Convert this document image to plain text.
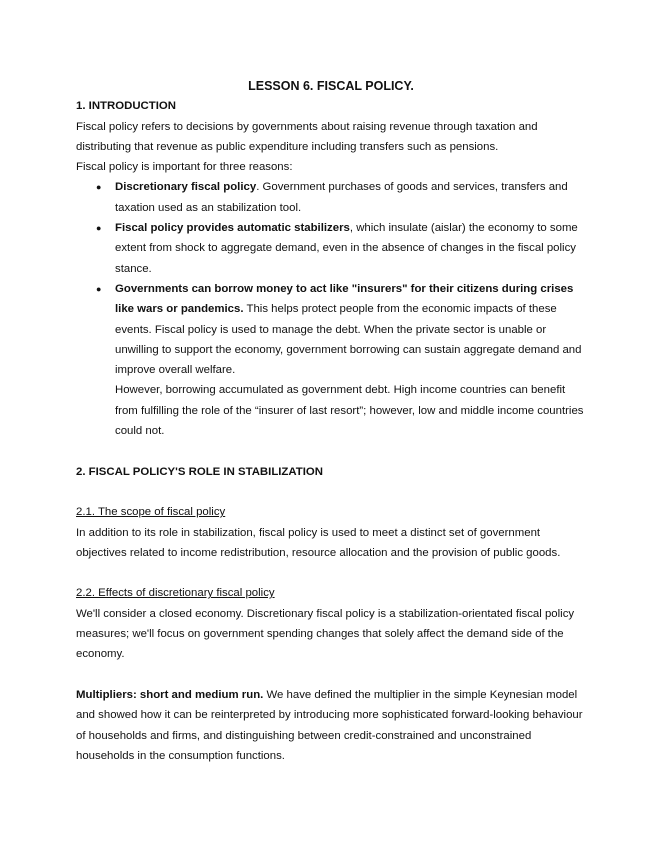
LESSON 6. FISCAL POLICY.

1. INTRODUCTION

Fiscal policy refers to decisions by governments about raising revenue through taxation and distributing that revenue as public expenditure including transfers such as pensions.

Fiscal policy is important for three reasons:

● Discretionary fiscal policy. Government purchases of goods and services, transfers and taxation used as an stabilization tool.
● Fiscal policy provides automatic stabilizers, which insulate (aislar) the economy to some extent from shock to aggregate demand, even in the absence of changes in the fiscal policy stance.
● Governments can borrow money to act like "insurers" for their citizens during crises like wars or pandemics. This helps protect people from the economic impacts of these events. Fiscal policy is used to manage the debt. When the private sector is unable or unwilling to support the economy, government borrowing can sustain aggregate demand and improve overall welfare.
However, borrowing accumulated as government debt. High income countries can benefit from fulfilling the role of the “insurer of last resort”; however, low and middle income countries could not.

2. FISCAL POLICY'S ROLE IN STABILIZATION

2.1. The scope of fiscal policy

In addition to its role in stabilization, fiscal policy is used to meet a distinct set of government objectives related to income redistribution, resource allocation and the provision of public goods.

2.2. Effects of discretionary fiscal policy

We'll consider a closed economy. Discretionary fiscal policy is a stabilization-orientated fiscal policy measures; we'll focus on government spending changes that solely affect the demand side of the economy.

Multipliers: short and medium run. We have defined the multiplier in the simple Keynesian model and showed how it can be reinterpreted by introducing more sophisticated forward-looking behaviour of households and firms, and distinguishing between credit-constrained and unconstrained households in the consumption functions.
